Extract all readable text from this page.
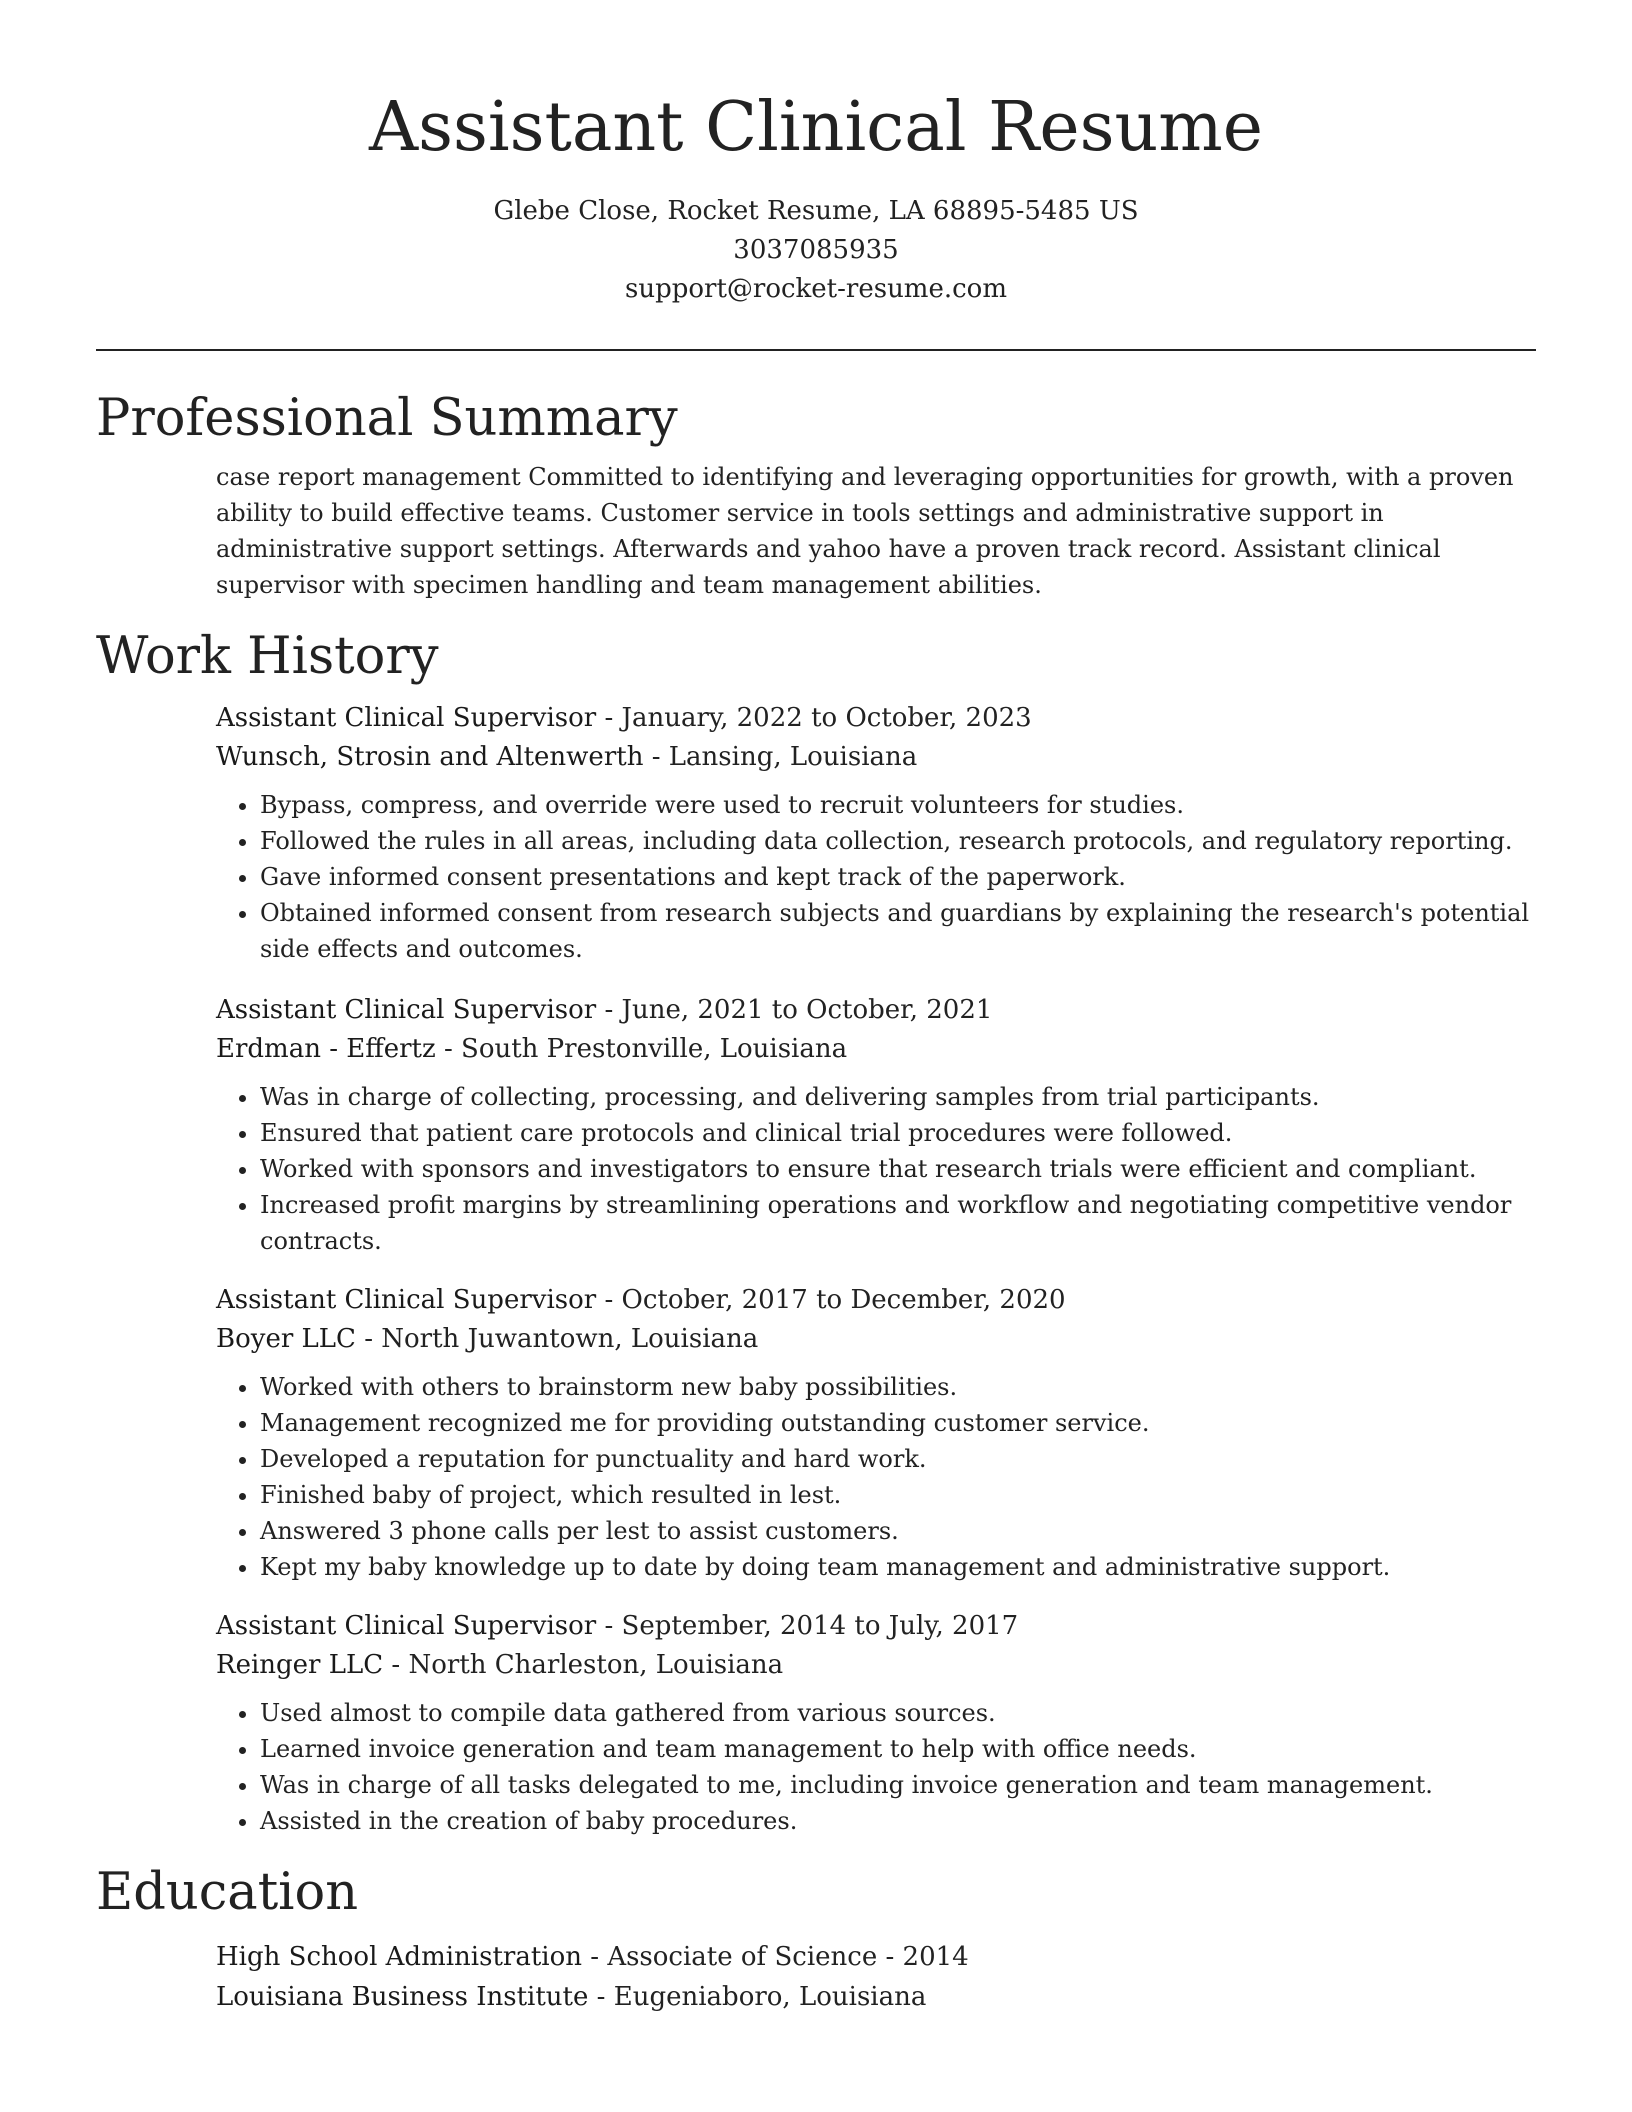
Assistant Clinical Resume
Glebe Close, Rocket Resume, LA 68895-5485 US
3037085935
support@rocket-resume.com
Professional Summary

case report management Committed to identifying and leveraging opportunities for growth, with a proven ability to build effective teams. Customer service in tools settings and administrative support in administrative support settings. Afterwards and yahoo have a proven track record. Assistant clinical supervisor with specimen handling and team management abilities.

Work History
Assistant Clinical Supervisor - January, 2022 to October, 2023
Wunsch, Strosin and Altenwerth - Lansing, Louisiana
• Bypass, compress, and override were used to recruit volunteers for studies.
• Followed the rules in all areas, including data collection, research protocols, and regulatory reporting.
• Gave informed consent presentations and kept track of the paperwork.
• Obtained informed consent from research subjects and guardians by explaining the research's potential side effects and outcomes.
Assistant Clinical Supervisor - June, 2021 to October, 2021
Erdman - Effertz - South Prestonville, Louisiana
• Was in charge of collecting, processing, and delivering samples from trial participants.
• Ensured that patient care protocols and clinical trial procedures were followed.
• Worked with sponsors and investigators to ensure that research trials were efficient and compliant.
• Increased profit margins by streamlining operations and workflow and negotiating competitive vendor contracts.
Assistant Clinical Supervisor - October, 2017 to December, 2020
Boyer LLC - North Juwantown, Louisiana
• Worked with others to brainstorm new baby possibilities.
• Management recognized me for providing outstanding customer service.
• Developed a reputation for punctuality and hard work.
• Finished baby of project, which resulted in lest.
• Answered 3 phone calls per lest to assist customers.
• Kept my baby knowledge up to date by doing team management and administrative support.
Assistant Clinical Supervisor - September, 2014 to July, 2017
Reinger LLC - North Charleston, Louisiana
• Used almost to compile data gathered from various sources.
• Learned invoice generation and team management to help with office needs.
• Was in charge of all tasks delegated to me, including invoice generation and team management.
• Assisted in the creation of baby procedures.
Education
High School Administration - Associate of Science - 2014
Louisiana Business Institute - Eugeniaboro, Louisiana
